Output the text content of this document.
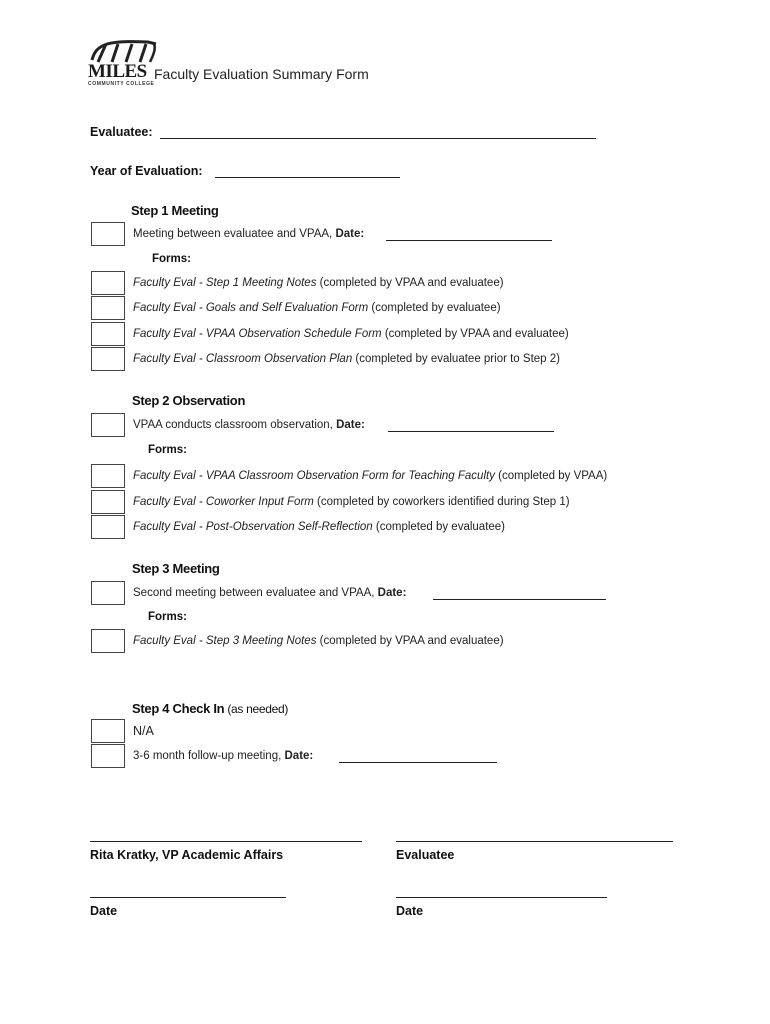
MILES
COMMUNITY COLLEGE
Faculty Evaluation Summary Form
Evaluatee:
Year of Evaluation:
Step 1 Meeting
Meeting between evaluatee and VPAA, Date:
Forms:
Faculty Eval - Step 1 Meeting Notes (completed by VPAA and evaluatee)
Faculty Eval - Goals and Self Evaluation Form (completed by evaluatee)
Faculty Eval - VPAA Observation Schedule Form (completed by VPAA and evaluatee)
Faculty Eval - Classroom Observation Plan (completed by evaluatee prior to Step 2)
Step 2 Observation
VPAA conducts classroom observation, Date:
Forms:
Faculty Eval - VPAA Classroom Observation Form for Teaching Faculty (completed by VPAA)
Faculty Eval - Coworker Input Form (completed by coworkers identified during Step 1)
Faculty Eval - Post-Observation Self-Reflection (completed by evaluatee)
Step 3 Meeting
Second meeting between evaluatee and VPAA, Date:
Forms:
Faculty Eval - Step 3 Meeting Notes (completed by VPAA and evaluatee)
Step 4 Check In (as needed)
N/A
3-6 month follow-up meeting, Date:
Rita Kratky, VP Academic Affairs	Evaluatee
Date	Date
